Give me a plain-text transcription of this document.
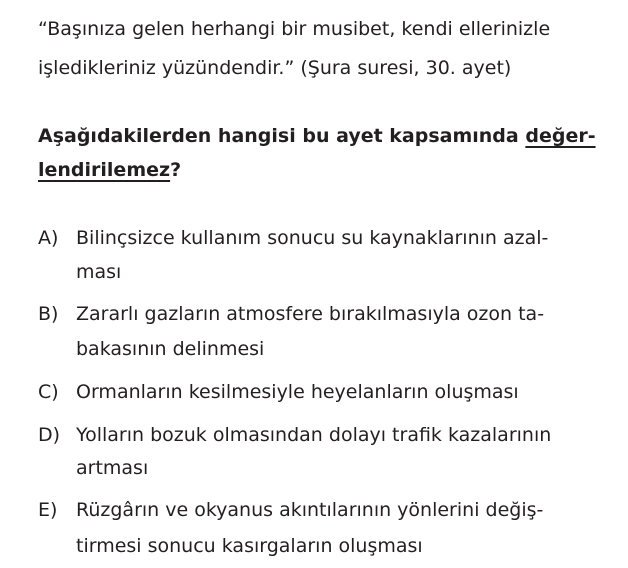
“Başınıza gelen herhangi bir musibet, kendi ellerinizle
işledikleriniz yüzündendir.” (Şura suresi, 30. ayet)
Aşağıdakilerden hangisi bu ayet kapsamında değer-
lendirilemez?
A) Bilinçsizce kullanım sonucu su kaynaklarının azal-
ması
B) Zararlı gazların atmosfere bırakılmasıyla ozon ta-
bakasının delinmesi
C) Ormanların kesilmesiyle heyelanların oluşması
D) Yolların bozuk olmasından dolayı trafik kazalarının
artması
E) Rüzgârın ve okyanus akıntılarının yönlerini değiş-
tirmesi sonucu kasırgaların oluşması
